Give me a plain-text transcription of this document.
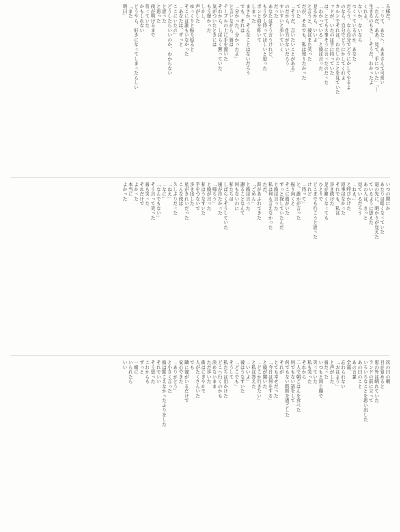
る様だ。
「っりて、あたへ、ああさんて可愛い
「たんだ、ああ、見て、手についた」「…
生きるのもさ、…そうだ、わかったよ
くれよ、
ないか、ないなら
つくっているのか、あなた
だろう、なら自分でどうにかしてやるよ
のなら、自分でどうにかしてくれよ
カルンでそれは、わたしのことを見ていた
ッドが、いたのは手に持っていた
は、とても大事そうに言ったのだった
「わかっている」と彼は言った
見るから、いいよ
と言うと、彼はまた笑った
だが、それでも、私は知りたかった
ていた
「そうだ、言いたいことがある」
のだから、仕方がないだろう
すいすいと歩いていく
だった
あなたはそう言うけれど、
もう少し待ってほしいと思った
ポンと肩を叩いて
しまった
まさか、そんなことはないだろう
でも、それは
「分かった、分かったよ」
と言いながら、彼は
テーブルの上に手を置いた
それから、しばらく黙っていた
気がついたときには
もう遅かった
しかし、
声がした
ゆっくりと振り返ると
そこには誰もいなかった
「あなたは、ずっと
ここにいたの」
どうしたらいいのか、わからない
と思った
と思った
夜が明けるまで
待っていた
かもしれない
どうやら、好きになってしまったらしい
「また
明日」
いつの間にか
あたりは暗くなっていた
道の先に、明かりが見えた
ているように思えた
あの人は、きっと
見ているだろう
「ねえ、」
と呼びかけた
返事はなかった
それでも、私は
歩き続けた
足が痛くなっても
ひとりで
どこまでも行こうと思った
けれど
「待って」
と、誰かが言った
振り向くと
そこに彼がいた
ずっと探していたんだ
と彼は言った
私は何も言えなかった
ただ、
涙があふれてきた
「ごめん」
と彼は言った
謝ることなんて
何もないのに
私たちは
しばらくそうしていた
風が冷たかった
「帰ろう」
と彼が言った
私はうなずいた
手をつないで
歩き出した
星がきれいだった
こんな夜は
久しぶりだった
「ねえ」
「なに」
「なんでもない」
そう言って笑った
彼も笑った
それだけで
よかった
本当に
よかった
次の日の朝
目が覚めると
窓の外は晴れていた
ランドの前に立って
いろいろなことを思い出した
あの日のこと
あの言葉
全部、
忘れられない
「おはよう」
と声がした
彼だった
いつもと同じ顔で
笑っていた
私も笑った
それから
二人で朝ごはんを食べた
何でもない話をして
何でもない時間を過ごした
それが
とても幸せだった
「今日は何をする」
と彼が聞いた
「どこか行きたい」
と私は答えた
「いいよ」
彼はうなずいた
「どこでも」
そうして
私たちは出かけた
どこへ行くのかも
決めないまま
ただ歩いた
街はにぎやかで
人がたくさんいた
でも
隣に彼がいるだけで
安心できた
「ありがとう」
と小さく言った
彼は聞こえなかったふりをした
それでいい
そう思った
これからも
ずっと
一緒に
いられたら
いい
